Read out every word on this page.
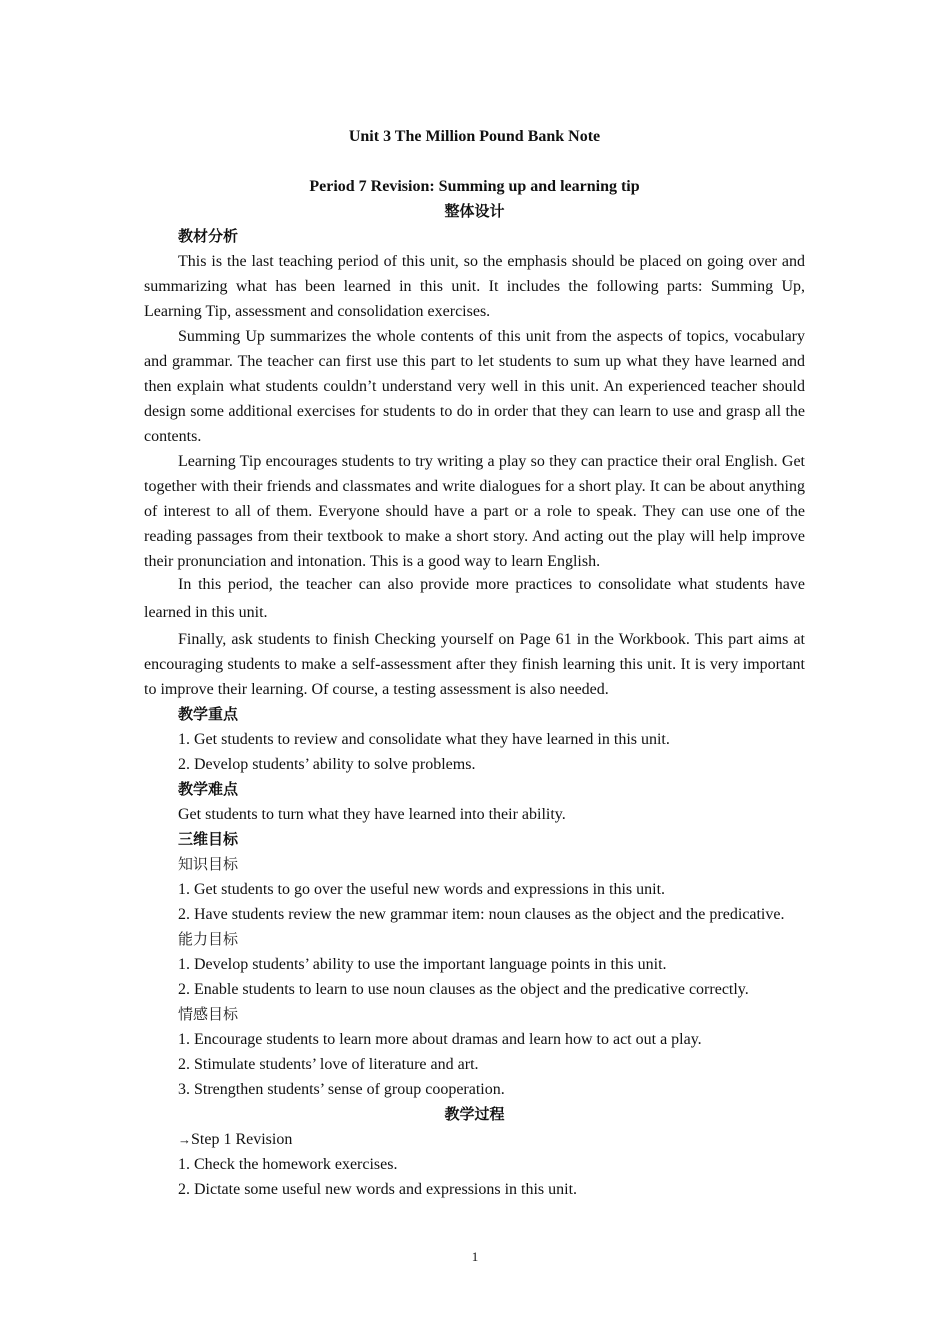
Unit 3 The Million Pound Bank Note

Period 7 Revision: Summing up and learning tip

整体设计

教材分析

This is the last teaching period of this unit, so the emphasis should be placed on going over and summarizing what has been learned in this unit. It includes the following parts: Summing Up, Learning Tip, assessment and consolidation exercises.

Summing Up summarizes the whole contents of this unit from the aspects of topics, vocabulary and grammar. The teacher can first use this part to let students to sum up what they have learned and then explain what students couldn’t understand very well in this unit. An experienced teacher should design some additional exercises for students to do in order that they can learn to use and grasp all the contents.

Learning Tip encourages students to try writing a play so they can practice their oral English. Get together with their friends and classmates and write dialogues for a short play. It can be about anything of interest to all of them. Everyone should have a part or a role to speak. They can use one of the reading passages from their textbook to make a short story. And acting out the play will help improve their pronunciation and intonation. This is a good way to learn English.

In this period, the teacher can also provide more practices to consolidate what students have learned in this unit.

Finally, ask students to finish Checking yourself on Page 61 in the Workbook. This part aims at encouraging students to make a self-assessment after they finish learning this unit. It is very important to improve their learning. Of course, a testing assessment is also needed.

教学重点

1. Get students to review and consolidate what they have learned in this unit.

2. Develop students’ ability to solve problems.

教学难点

Get students to turn what they have learned into their ability.

三维目标

知识目标

1. Get students to go over the useful new words and expressions in this unit.

2. Have students review the new grammar item: noun clauses as the object and the predicative.

能力目标

1. Develop students’ ability to use the important language points in this unit.

2. Enable students to learn to use noun clauses as the object and the predicative correctly.

情感目标

1. Encourage students to learn more about dramas and learn how to act out a play.

2. Stimulate students’ love of literature and art.

3. Strengthen students’ sense of group cooperation.

教学过程

→Step 1 Revision

1. Check the homework exercises.

2. Dictate some useful new words and expressions in this unit.

1
